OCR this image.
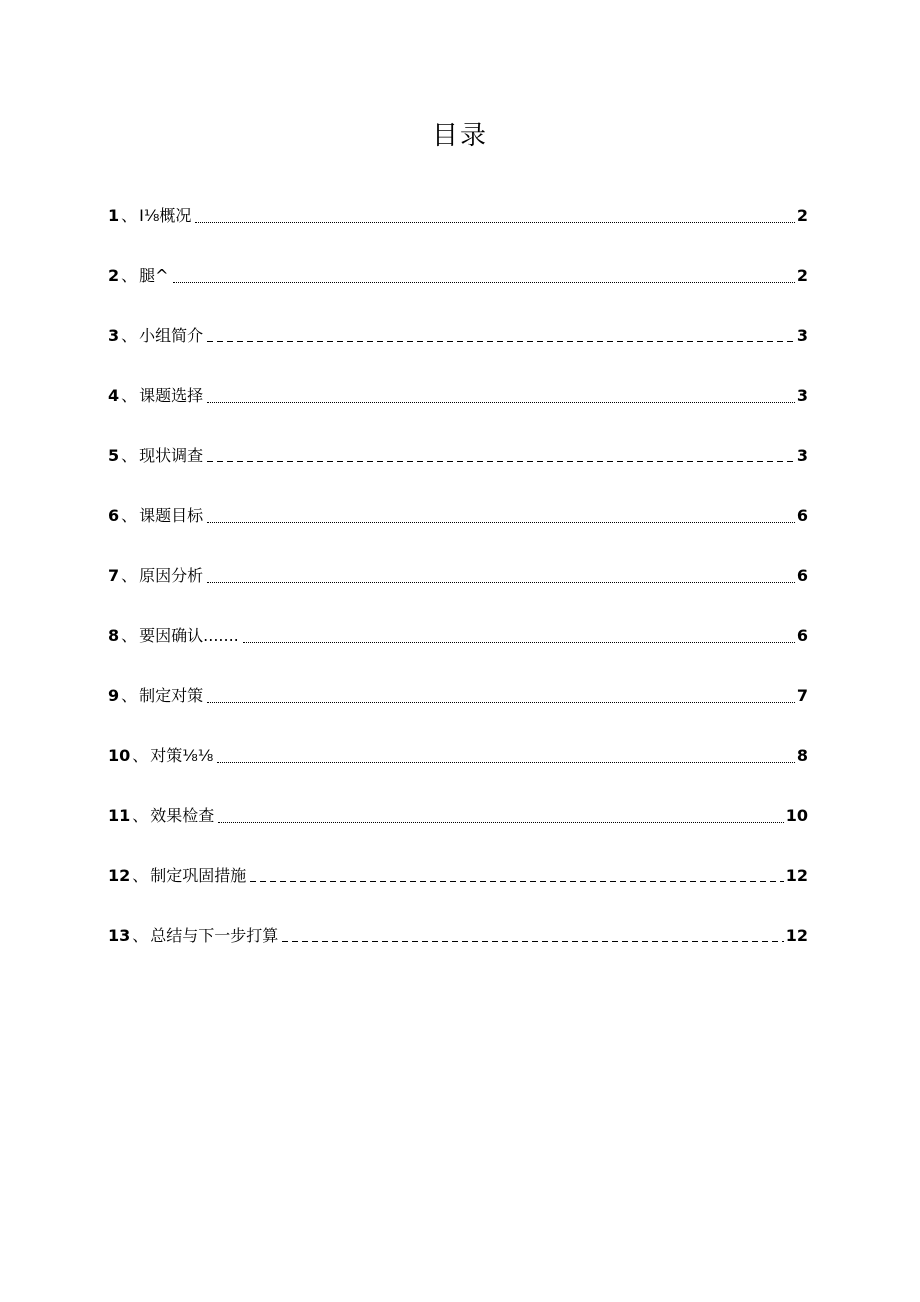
目录
1 、 I⅛概况	2
2 、 腿^	2
3 、 小组简介	3
4 、 课题选择	3
5 、 现状调查	3
6 、 课题目标	6
7 、 原因分析	6
8 、 要因确认.......	6
9 、 制定对策	7
10 、 对策⅛⅛	8
11 、 效果检查	10
12 、 制定巩固措施	12
13 、 总结与下一步打算	12
